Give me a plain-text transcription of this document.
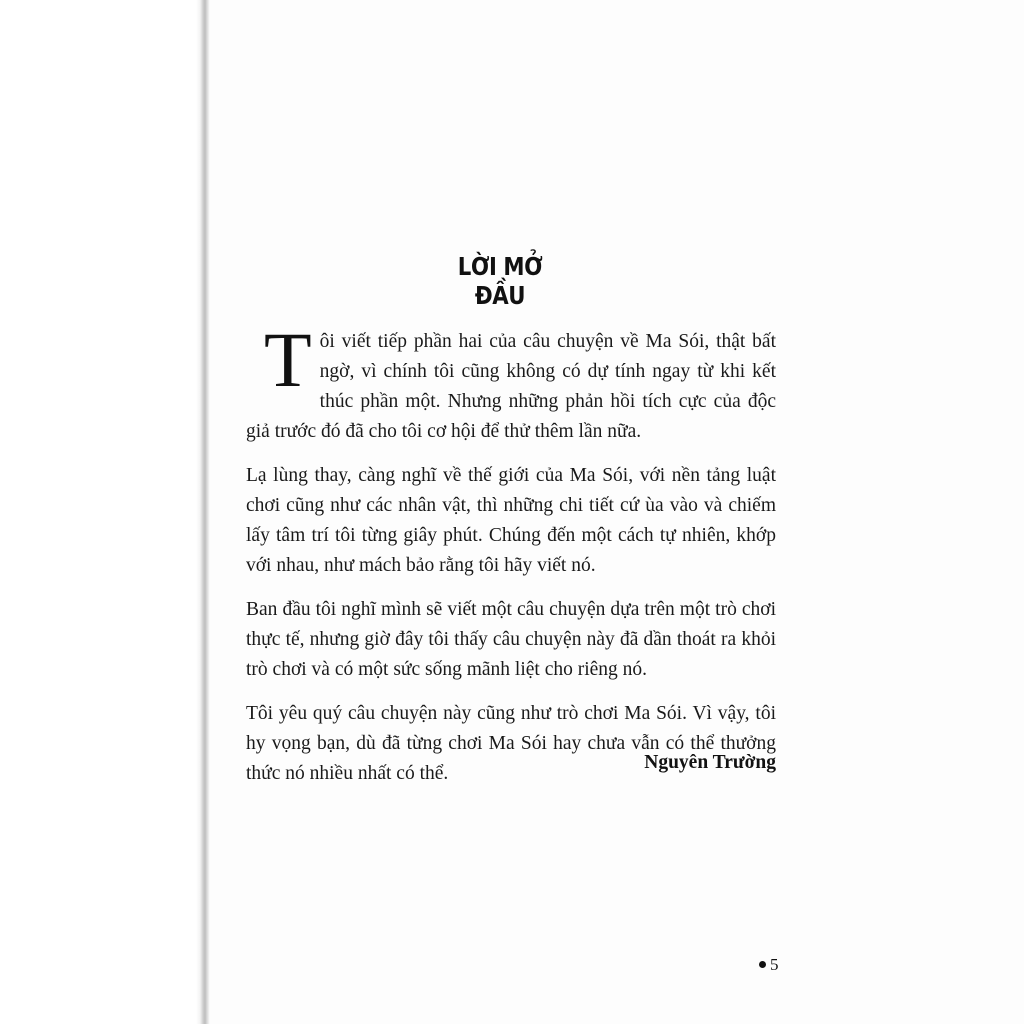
LỜI MỞ ĐẦU

Tôi viết tiếp phần hai của câu chuyện về Ma Sói, thật bất ngờ, vì chính tôi cũng không có dự tính ngay từ khi kết thúc phần một. Nhưng những phản hồi tích cực của độc giả trước đó đã cho tôi cơ hội để thử thêm lần nữa.

Lạ lùng thay, càng nghĩ về thế giới của Ma Sói, với nền tảng luật chơi cũng như các nhân vật, thì những chi tiết cứ ùa vào và chiếm lấy tâm trí tôi từng giây phút. Chúng đến một cách tự nhiên, khớp với nhau, như mách bảo rằng tôi hãy viết nó.

Ban đầu tôi nghĩ mình sẽ viết một câu chuyện dựa trên một trò chơi thực tế, nhưng giờ đây tôi thấy câu chuyện này đã dần thoát ra khỏi trò chơi và có một sức sống mãnh liệt cho riêng nó.

Tôi yêu quý câu chuyện này cũng như trò chơi Ma Sói. Vì vậy, tôi hy vọng bạn, dù đã từng chơi Ma Sói hay chưa vẫn có thể thưởng thức nó nhiều nhất có thể.

Nguyên Trường
5
